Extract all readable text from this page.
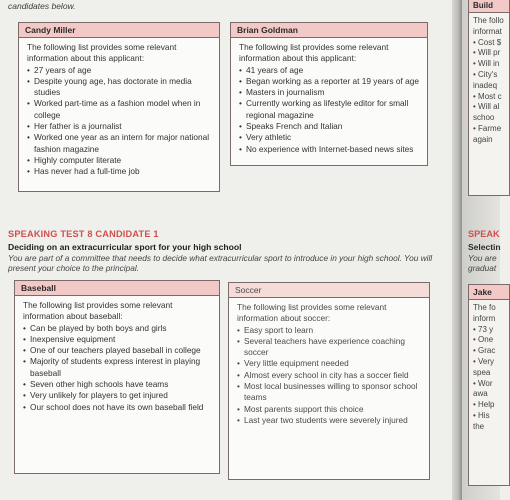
candidates below.
Candy Miller
The following list provides some relevant information about this applicant:
• 27 years of age
• Despite young age, has doctorate in media studies
• Worked part-time as a fashion model when in college
• Her father is a journalist
• Worked one year as an intern for major national fashion magazine
• Highly computer literate
• Has never had a full-time job
Brian Goldman
The following list provides some relevant information about this applicant:
• 41 years of age
• Began working as a reporter at 19 years of age
• Masters in journalism
• Currently working as lifestyle editor for small regional magazine
• Speaks French and Italian
• Very athletic
• No experience with Internet-based news sites
SPEAKING TEST 8 CANDIDATE 1
Deciding on an extracurricular sport for your high school
You are part of a committee that needs to decide what extracurricular sport to introduce in your high school. You will present your choice to the principal.
Baseball
The following list provides some relevant information about baseball:
• Can be played by both boys and girls
• Inexpensive equipment
• One of our teachers played baseball in college
• Majority of students express interest in playing baseball
• Seven other high schools have teams
• Very unlikely for players to get injured
• Our school does not have its own baseball field
Soccer
The following list provides some relevant information about soccer:
• Easy sport to learn
• Several teachers have experience coaching soccer
• Very little equipment needed
• Almost every school in city has a soccer field
• Most local businesses willing to sponsor school teams
• Most parents support this choice
• Last year two students were severely injured
Build
The follo
informat
• Cost $
• Will pr
• Will in
• City's
inadeq
• Most c
• Will al
schoo
• Farme
again
SPEAK
Selectin
You are
graduat
Jake
The fo
inform
• 73 y
• One
• Grac
• Very
spea
• Wor
awa
• Help
• His
the
